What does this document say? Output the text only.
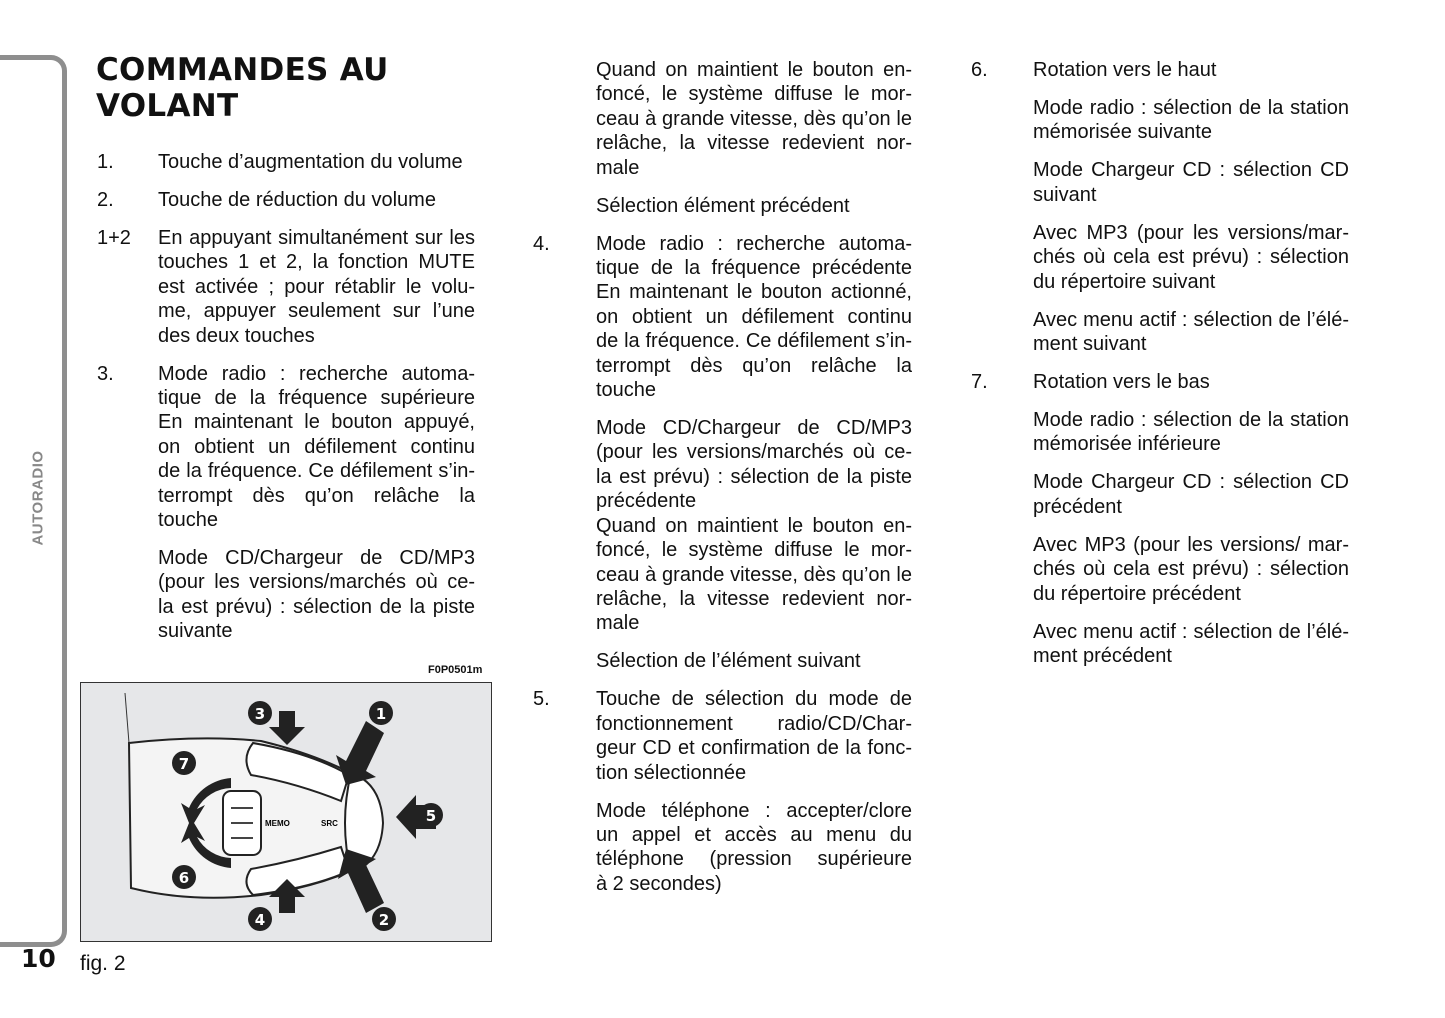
AUTORADIO
10
COMMANDES AU
VOLANT
1. Touche d’augmentation du volume
2. Touche de réduction du volume
1+2 En appuyant simultanément sur les
touches 1 et 2, la fonction MUTE
est activée ; pour rétablir le volu-
me, appuyer seulement sur l’une
des deux touches
3. Mode radio : recherche automa-
tique de la fréquence supérieure
En maintenant le bouton appuyé,
on obtient un défilement continu
de la fréquence. Ce défilement s’in-
terrompt dès qu’on relâche la
touche
Mode CD/Chargeur de CD/MP3
(pour les versions/marchés où ce-
la est prévu) : sélection de la piste
suivante
Quand on maintient le bouton en-
foncé, le système diffuse le mor-
ceau à grande vitesse, dès qu’on le
relâche, la vitesse redevient nor-
male
Sélection élément précédent
4. Mode radio : recherche automa-
tique de la fréquence précédente
En maintenant le bouton actionné,
on obtient un défilement continu
de la fréquence. Ce défilement s’in-
terrompt dès qu’on relâche la
touche
Mode CD/Chargeur de CD/MP3
(pour les versions/marchés où ce-
la est prévu) : sélection de la piste
précédente
Quand on maintient le bouton en-
foncé, le système diffuse le mor-
ceau à grande vitesse, dès qu’on le
relâche, la vitesse redevient nor-
male
Sélection de l’élément suivant
5. Touche de sélection du mode de
fonctionnement radio/CD/Char-
geur CD et confirmation de la fonc-
tion sélectionnée
Mode téléphone : accepter/clore
un appel et accès au menu du
téléphone (pression supérieure
à 2 secondes)
6. Rotation vers le haut
Mode radio : sélection de la station
mémorisée suivante
Mode Chargeur CD : sélection CD
suivant
Avec MP3 (pour les versions/mar-
chés où cela est prévu) : sélection
du répertoire suivant
Avec menu actif : sélection de l’élé-
ment suivant
7. Rotation vers le bas
Mode radio : sélection de la station
mémorisée inférieure
Mode Chargeur CD : sélection CD
précédent
Avec MP3 (pour les versions/ mar-
chés où cela est prévu) : sélection
du répertoire précédent
Avec menu actif : sélection de l’élé-
ment précédent
F0P0501m
MEMO	SRC
1
2
3
4
5
6
7
fig. 2
